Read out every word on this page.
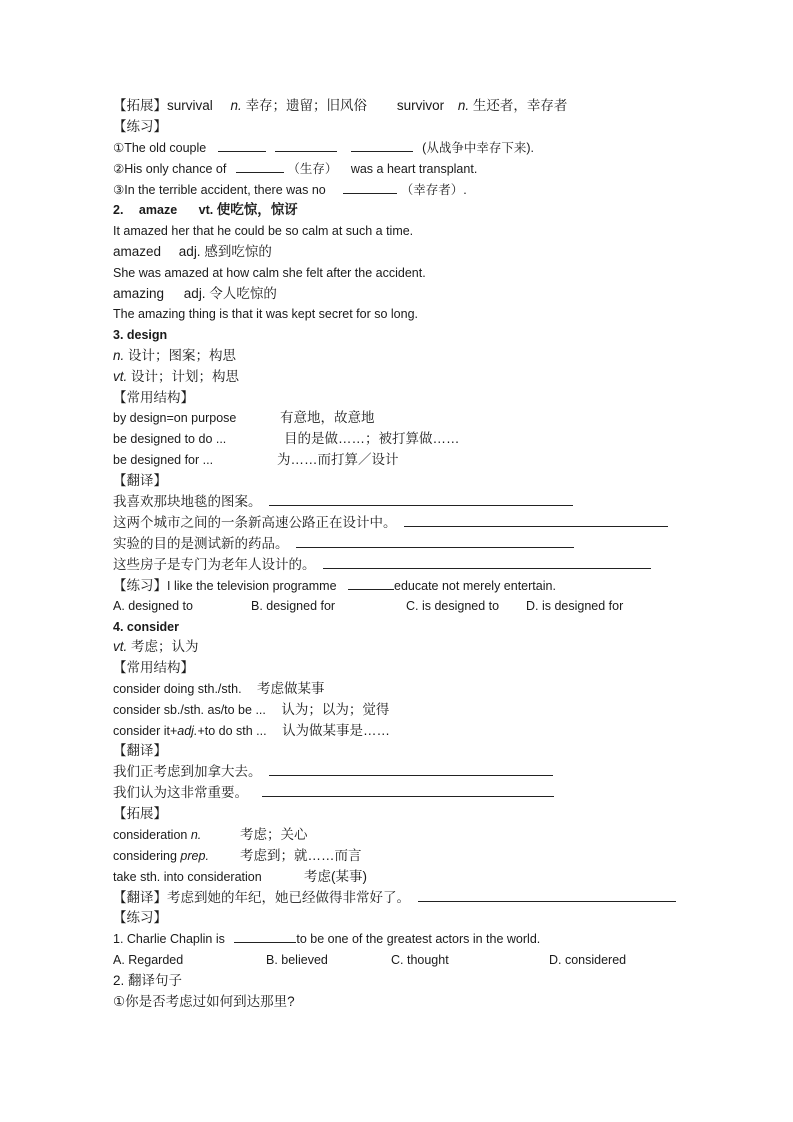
【拓展】survival n. 幸存；遗留；旧风俗 survivor n. 生还者，幸存者
【练习】
①The old couple	(从战争中幸存下来).
②His only chance of	（生存） was a heart transplant.
③In the terrible accident, there was no	（幸存者）.
2. amaze vt. 使吃惊，惊讶
It amazed her that he could be so calm at such a time.
amazed adj. 感到吃惊的
She was amazed at how calm she felt after the accident.
amazing adj. 令人吃惊的
The amazing thing is that it was kept secret for so long.
3. design
n. 设计；图案；构思
vt. 设计；计划；构思
【常用结构】
by design=on purpose	有意地，故意地
be designed to do ...	目的是做……；被打算做……
be designed for ...	为……而打算／设计
【翻译】
我喜欢那块地毯的图案。
这两个城市之间的一条新高速公路正在设计中。
实验的目的是测试新的药品。
这些房子是专门为老年人设计的。
【练习】I like the television programme	educate not merely entertain.
A. designed to	B. designed for	C. is designed to D. is designed for
4. consider
vt. 考虑；认为
【常用结构】
consider doing sth./sth. 考虑做某事
consider sb./sth. as/to be ... 认为；以为；觉得
consider it+adj.+to do sth ... 认为做某事是……
【翻译】
我们正考虑到加拿大去。
我们认为这非常重要。
【拓展】
consideration n.	考虑；关心
considering prep. 考虑到；就……而言
take sth. into consideration	考虑(某事)
【翻译】考虑到她的年纪，她已经做得非常好了。
【练习】
1. Charlie Chaplin is	to be one of the greatest actors in the world.
A. Regarded	B. believed	C. thought	D. considered
2. 翻译句子
①你是否考虑过如何到达那里?
